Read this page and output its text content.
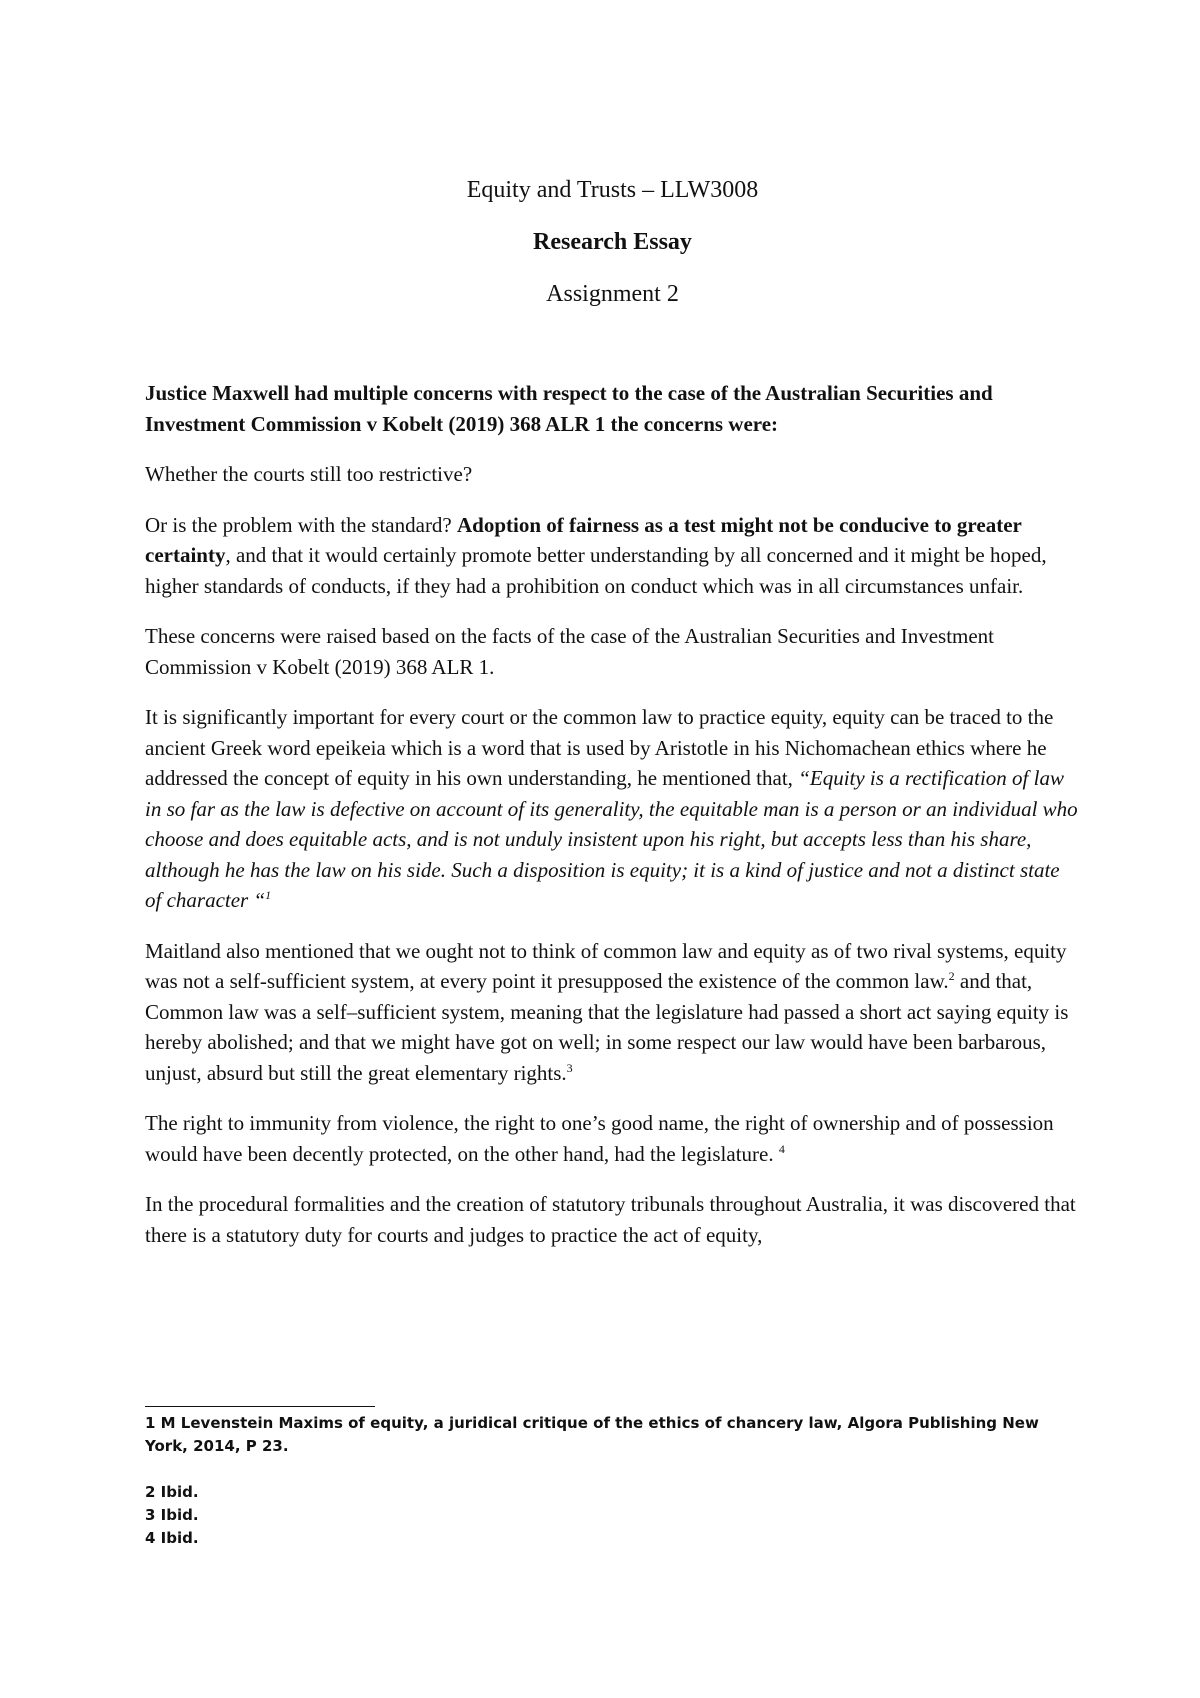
Equity and Trusts – LLW3008

Research Essay

Assignment 2

Justice Maxwell had multiple concerns with respect to the case of the Australian Securities and Investment Commission v Kobelt (2019) 368 ALR 1 the concerns were:

Whether the courts still too restrictive?

Or is the problem with the standard? Adoption of fairness as a test might not be conducive to greater certainty, and that it would certainly promote better understanding by all concerned and it might be hoped, higher standards of conducts, if they had a prohibition on conduct which was in all circumstances unfair.

These concerns were raised based on the facts of the case of the Australian Securities and Investment Commission v Kobelt (2019) 368 ALR 1.

It is significantly important for every court or the common law to practice equity, equity can be traced to the ancient Greek word epeikeia which is a word that is used by Aristotle in his Nichomachean ethics where he addressed the concept of equity in his own understanding, he mentioned that, “Equity is a rectification of law in so far as the law is defective on account of its generality, the equitable man is a person or an individual who choose and does equitable acts, and is not unduly insistent upon his right, but accepts less than his share, although he has the law on his side. Such a disposition is equity; it is a kind of justice and not a distinct state of character “$^1$

Maitland also mentioned that we ought not to think of common law and equity as of two rival systems, equity was not a self-sufficient system, at every point it presupposed the existence of the common law.$^2$ and that, Common law was a self–sufficient system, meaning that the legislature had passed a short act saying equity is hereby abolished; and that we might have got on well; in some respect our law would have been barbarous, unjust, absurd but still the great elementary rights.$^3$

The right to immunity from violence, the right to one’s good name, the right of ownership and of possession would have been decently protected, on the other hand, had the legislature. $^4$

In the procedural formalities and the creation of statutory tribunals throughout Australia, it was discovered that there is a statutory duty for courts and judges to practice the act of equity,

1 M Levenstein Maxims of equity, a juridical critique of the ethics of chancery law, Algora Publishing New York, 2014, P 23.

2 Ibid.

3 Ibid.

4 Ibid.
